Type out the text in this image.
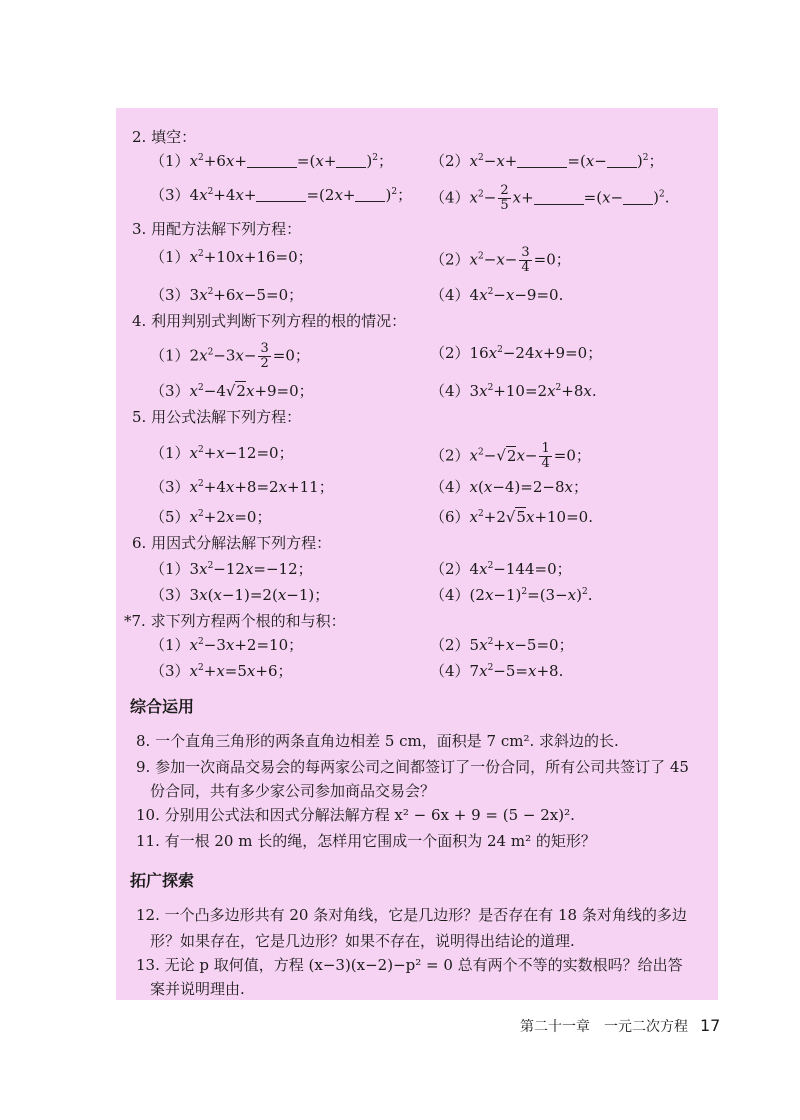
2. 填空：
$(1)x^2+6x+$	$=(x+ )^2$； $(2)x^2-x+$	$=(x- )^2$；
$(3)4x^2+4x+$	$=(2x+ )^2$； $(4)x^2- \frac{2}{5} x+$	$=(x- )^2$.
3. 用配方法解下列方程：
$(1)x^2+10x+16=0$；	$(2)x^2-x- \frac{3}{4} =0$；
$(3)3x^2+6x-5=0$；	$(4)4x^2-x-9=0$.
4. 利用判别式判断下列方程的根的情况：
$(1)2x^2-3x- \frac{3}{2} =0$；	$(2)16x^2-24x+9=0$；
$(3)x^2-4√2x+9=0$；	$(4)3x^2+10=2x^2+8x$.
5. 用公式法解下列方程：
$(1)x^2+x-12=0$；	$(2)x^2-√2x- \frac{1}{4} =0$；
$(3)x^2+4x+8=2x+11$；	（4）x(x−4)=2−8x；
$(5)x^2+2x=0$；	$(6)x^2+2√5x+10=0$.
6. 用因式分解法解下列方程：
$(1)3x^2-12x=-12$；	$(2)4x^2-144=0$；
（3）3x(x−1)=2(x−1)；	$(4)(2x-1)^2=(3-x)^2$.
*7. 求下列方程两个根的和与积：
$(1)x^2-3x+2=10$；	$(2)5x^2+x-5=0$；
$(3)x^2+x=5x+6$；	$(4)7x^2-5=x+8$.
综合运用
8. 一个直角三角形的两条直角边相差 5 cm，面积是 7 cm². 求斜边的长.
9. 参加一次商品交易会的每两家公司之间都签订了一份合同，所有公司共签订了 45
份合同，共有多少家公司参加商品交易会？
10. 分别用公式法和因式分解法解方程 x² − 6x + 9 = (5 − 2x)².
11. 有一根 20 m 长的绳，怎样用它围成一个面积为 24 m² 的矩形？
拓广探索
12. 一个凸多边形共有 20 条对角线，它是几边形？是否存在有 18 条对角线的多边
形？如果存在，它是几边形？如果不存在，说明得出结论的道理.
13. 无论 p 取何值，方程 (x−3)(x−2)−p² = 0 总有两个不等的实数根吗？给出答
案并说明理由.
第二十一章 一元二次方程 17
